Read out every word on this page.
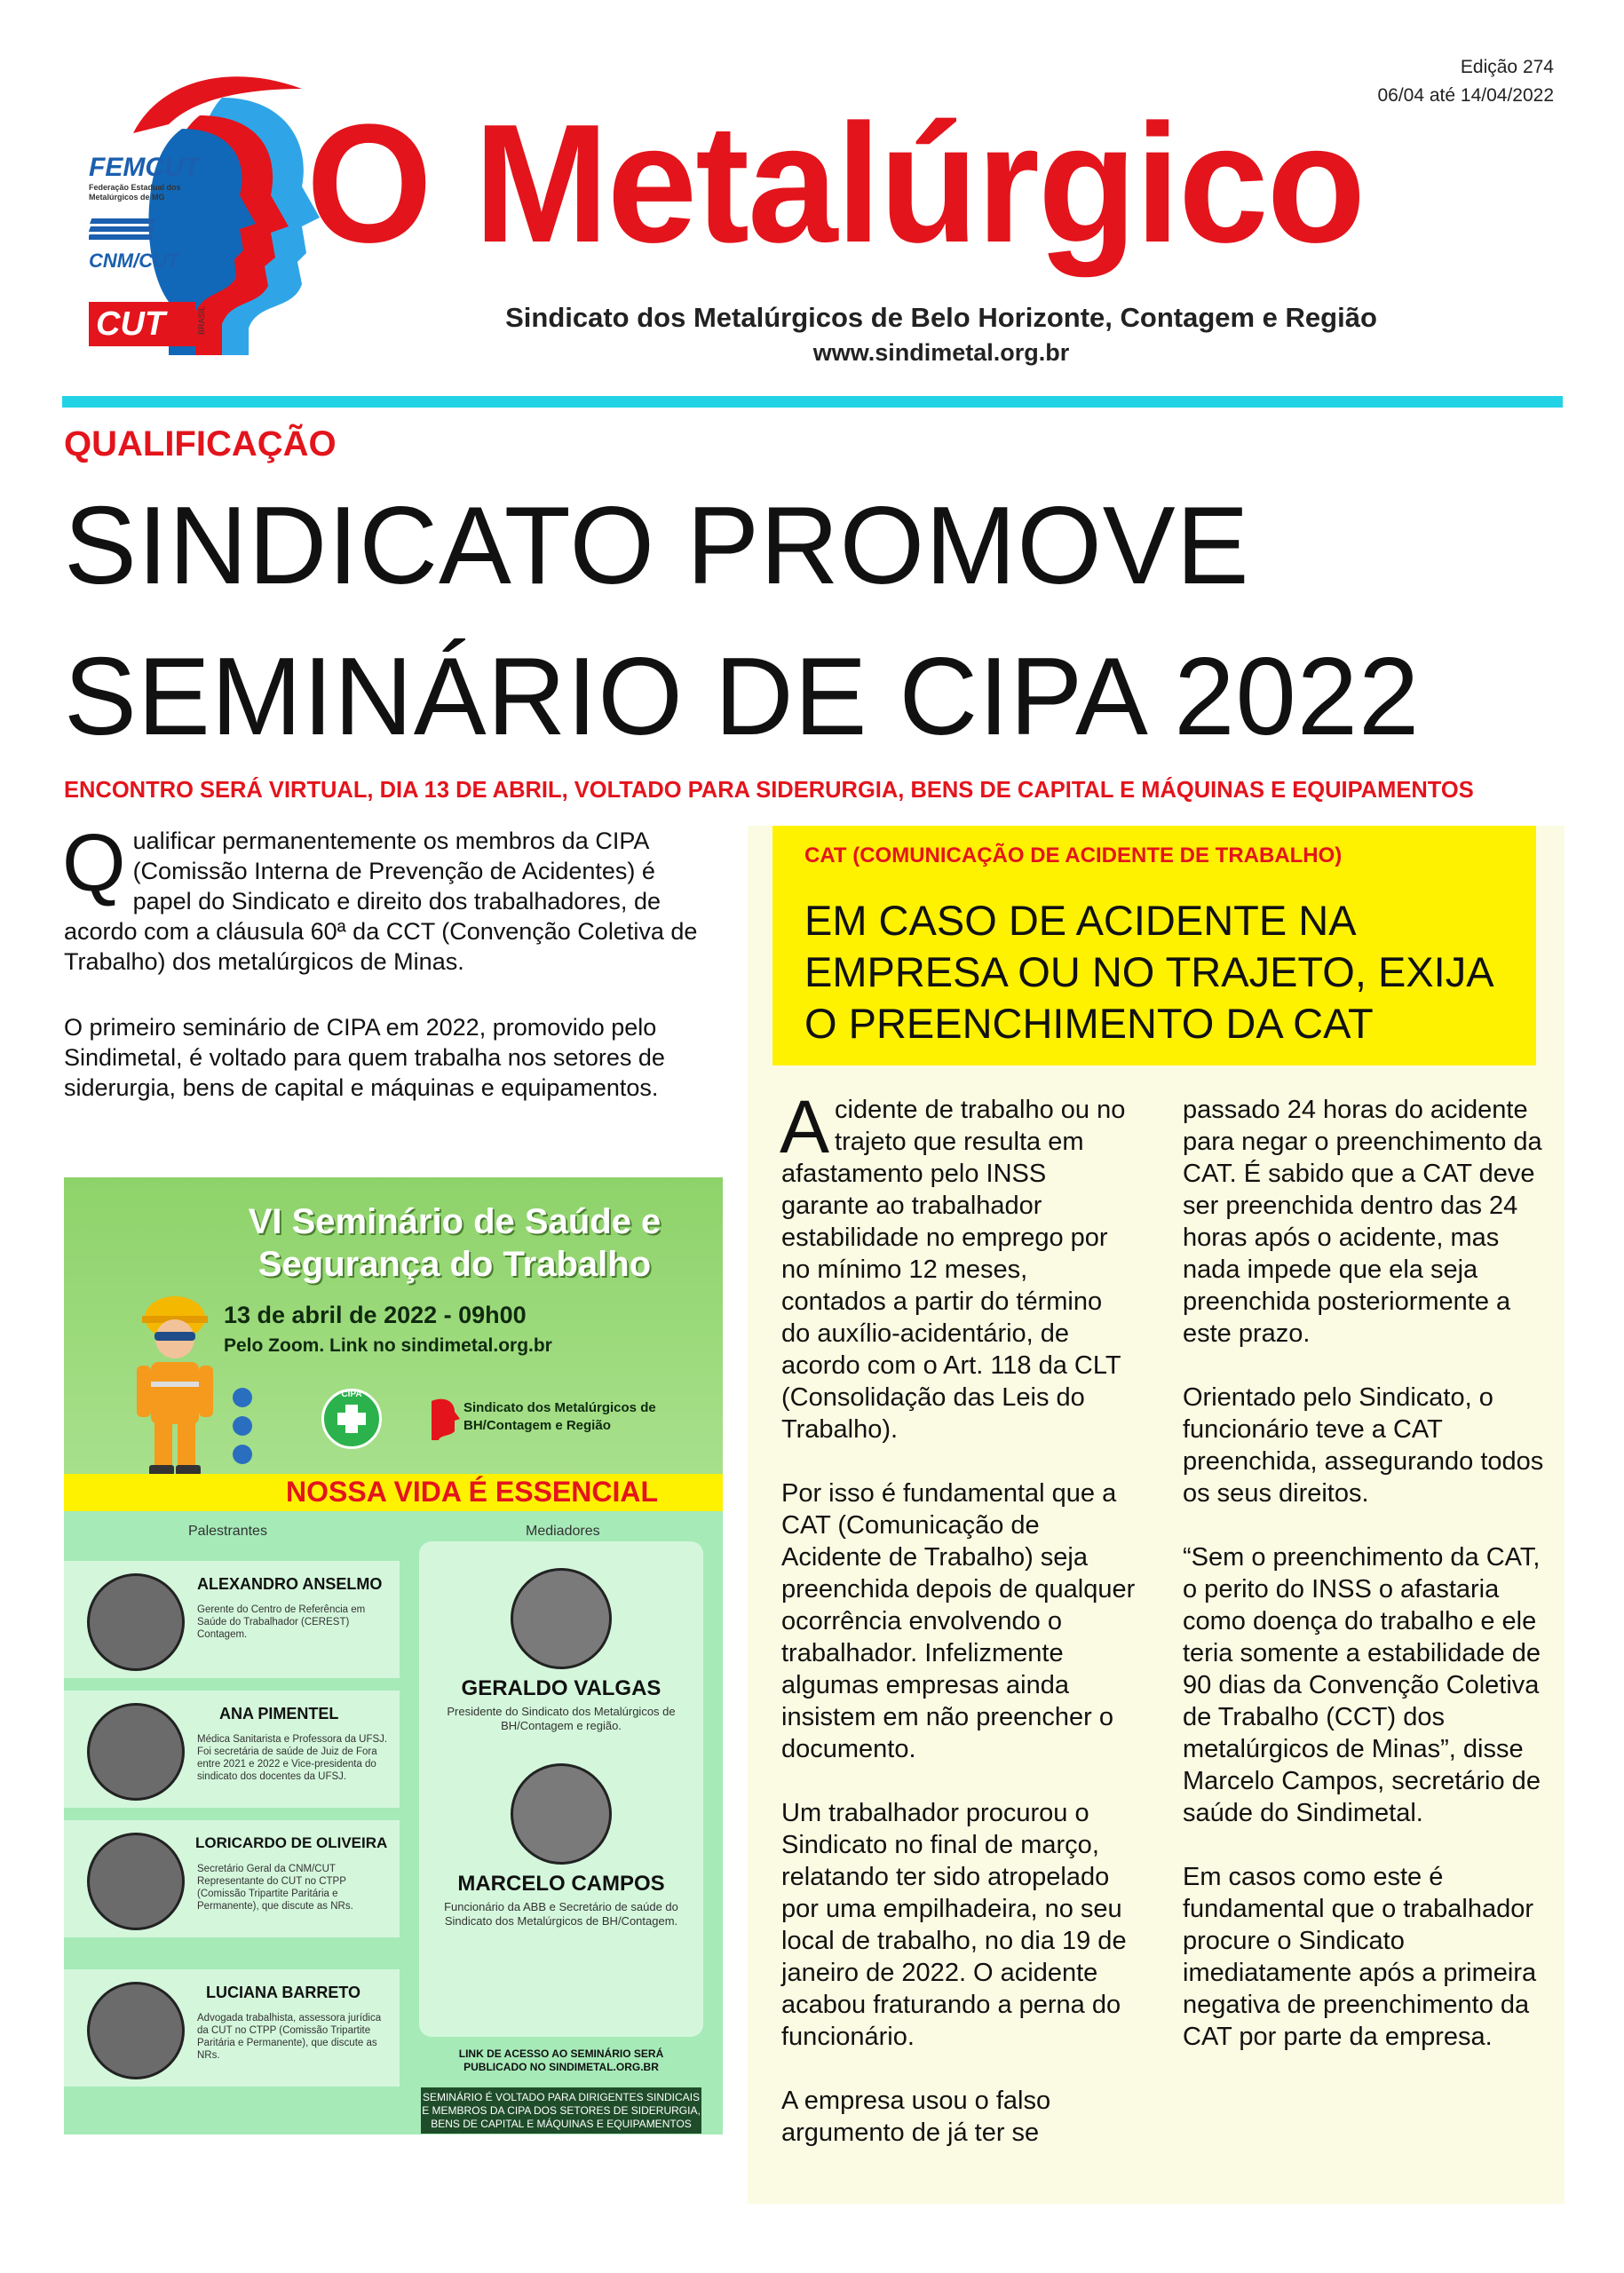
Edição 274
06/04 até 14/04/2022
FEMCUT
Federação Estadual dos Metalúrgicos de MG
CNM/CUT
CUT	BRASIL
O Metalúrgico
Sindicato dos Metalúrgicos de Belo Horizonte, Contagem e Região
www.sindimetal.org.br
QUALIFICAÇÃO
SINDICATO PROMOVE
SEMINÁRIO DE CIPA 2022
ENCONTRO SERÁ VIRTUAL, DIA 13 DE ABRIL, VOLTADO PARA SIDERURGIA, BENS DE CAPITAL E MÁQUINAS E EQUIPAMENTOS
Qualificar permanentemente os membros da CIPA (Comissão Interna de Prevenção de Acidentes) é papel do Sindicato e direito dos trabalhadores, de acordo com a cláusula 60ª da CCT (Convenção Coletiva de Trabalho) dos metalúrgicos de Minas.
O primeiro seminário de CIPA em 2022, promovido pelo Sindimetal, é voltado para quem trabalha nos setores de siderurgia, bens de capital e máquinas e equipamentos.
VI Seminário de Saúde e Segurança do Trabalho
13 de abril de 2022 - 09h00
Pelo Zoom. Link no sindimetal.org.br
CIPA
Sindicato dos Metalúrgicos de BH/Contagem e Região
NOSSA VIDA É ESSENCIAL
Palestrantes	Mediadores
ALEXANDRO ANSELMO
Gerente do Centro de Referência em Saúde do Trabalhador (CEREST) Contagem.
ANA PIMENTEL
Médica Sanitarista e Professora da UFSJ. Foi secretária de saúde de Juiz de Fora entre 2021 e 2022 e Vice-presidenta do sindicato dos docentes da UFSJ.
LORICARDO DE OLIVEIRA
Secretário Geral da CNM/CUT Representante do CUT no CTPP (Comissão Tripartite Paritária e Permanente), que discute as NRs.
LUCIANA BARRETO
Advogada trabalhista, assessora jurídica da CUT no CTPP (Comissão Tripartite Paritária e Permanente), que discute as NRs.
GERALDO VALGAS
Presidente do Sindicato dos Metalúrgicos de BH/Contagem e região.
MARCELO CAMPOS
Funcionário da ABB e Secretário de saúde do Sindicato dos Metalúrgicos de BH/Contagem.
LINK DE ACESSO AO SEMINÁRIO SERÁ PUBLICADO NO SINDIMETAL.ORG.BR
SEMINÁRIO É VOLTADO PARA DIRIGENTES SINDICAIS E MEMBROS DA CIPA DOS SETORES DE SIDERURGIA, BENS DE CAPITAL E MÁQUINAS E EQUIPAMENTOS
CAT (COMUNICAÇÃO DE ACIDENTE DE TRABALHO)
EM CASO DE ACIDENTE NA EMPRESA OU NO TRAJETO, EXIJA O PREENCHIMENTO DA CAT

Acidente de trabalho ou no trajeto que resulta em afastamento pelo INSS garante ao trabalhador estabilidade no emprego por no mínimo 12 meses, contados a partir do término do auxílio-acidentário, de acordo com o Art. 118 da CLT (Consolidação das Leis do Trabalho).

Por isso é fundamental que a CAT (Comunicação de Acidente de Trabalho) seja preenchida depois de qualquer ocorrência envolvendo o trabalhador. Infelizmente algumas empresas ainda insistem em não preencher o documento.

Um trabalhador procurou o Sindicato no final de março, relatando ter sido atropelado por uma empilhadeira, no seu local de trabalho, no dia 19 de janeiro de 2022. O acidente acabou fraturando a perna do funcionário.

A empresa usou o falso argumento de já ter se

passado 24 horas do acidente para negar o preenchimento da CAT. É sabido que a CAT deve ser preenchida dentro das 24 horas após o acidente, mas nada impede que ela seja preenchida posteriormente a este prazo.

Orientado pelo Sindicato, o funcionário teve a CAT preenchida, assegurando todos os seus direitos.

“Sem o preenchimento da CAT, o perito do INSS o afastaria como doença do trabalho e ele teria somente a estabilidade de 90 dias da Convenção Coletiva de Trabalho (CCT) dos metalúrgicos de Minas”, disse Marcelo Campos, secretário de saúde do Sindimetal.

Em casos como este é fundamental que o trabalhador procure o Sindicato imediatamente após a primeira negativa de preenchimento da CAT por parte da empresa.
